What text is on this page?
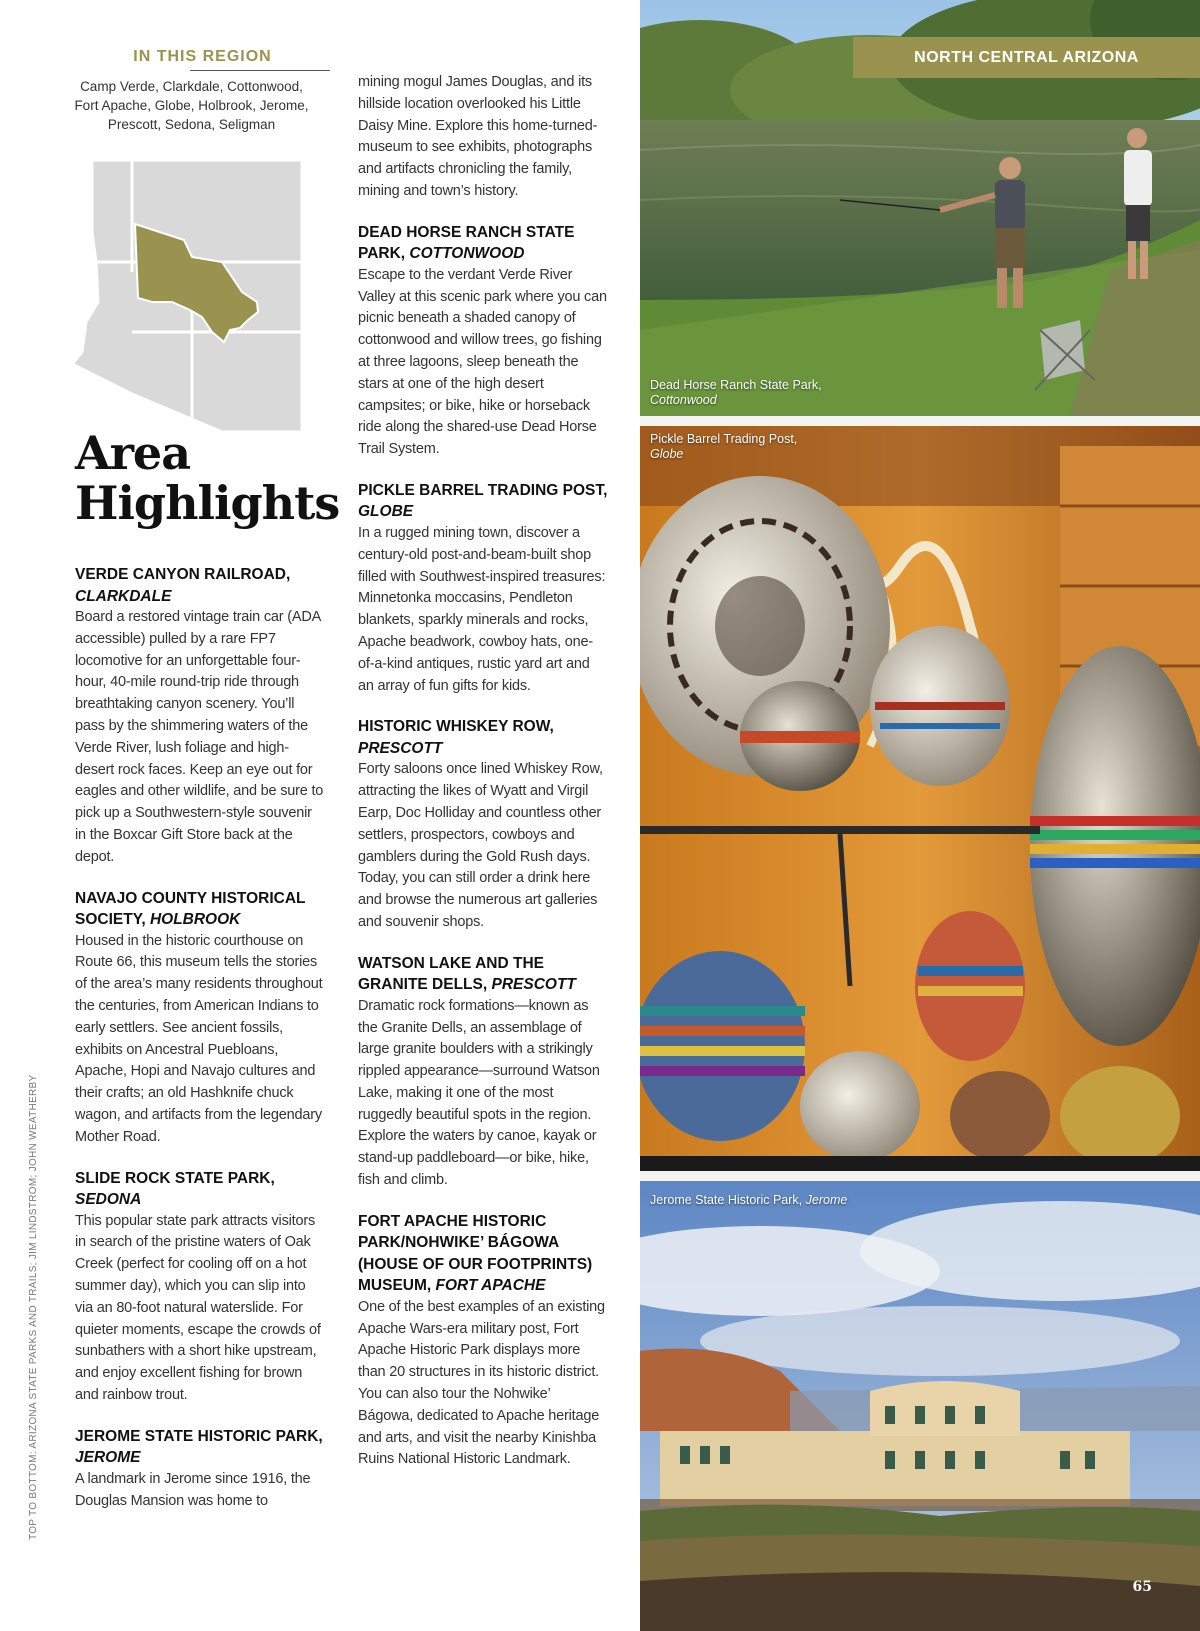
IN THIS REGION
Camp Verde, Clarkdale, Cottonwood, Fort Apache, Globe, Holbrook, Jerome, Prescott, Sedona, Seligman
VERDE CANYON RAILROAD,
CLARKDALE

Board a restored vintage train car (ADA accessible) pulled by a rare FP7 locomotive for an unforgettable four-hour, 40-mile round-trip ride through breathtaking canyon scenery. You’ll pass by the shimmering waters of the Verde River, lush foliage and high-desert rock faces. Keep an eye out for eagles and other wildlife, and be sure to pick up a Southwestern-style souvenir in the Boxcar Gift Store back at the depot.

NAVAJO COUNTY HISTORICAL SOCIETY, HOLBROOK

Housed in the historic courthouse on Route 66, this museum tells the stories of the area’s many residents throughout the centuries, from American Indians to early settlers. See ancient fossils, exhibits on Ancestral Puebloans, Apache, Hopi and Navajo cultures and their crafts; an old Hashknife chuck wagon, and artifacts from the legendary Mother Road.

SLIDE ROCK STATE PARK,
SEDONA

This popular state park attracts visitors in search of the pristine waters of Oak Creek (perfect for cooling off on a hot summer day), which you can slip into via an 80-foot natural waterslide. For quieter moments, escape the crowds of sunbathers with a short hike upstream, and enjoy excellent fishing for brown and rainbow trout.

JEROME STATE HISTORIC PARK,
JEROME

A landmark in Jerome since 1916, the Douglas Mansion was home to

Area
Highlights

mining mogul James Douglas, and its hillside location overlooked his Little Daisy Mine. Explore this home-turned-museum to see exhibits, photographs and artifacts chronicling the family, mining and town’s history.

DEAD HORSE RANCH STATE PARK, COTTONWOOD

Escape to the verdant Verde River Valley at this scenic park where you can picnic beneath a shaded canopy of cottonwood and willow trees, go fishing at three lagoons, sleep beneath the stars at one of the high desert campsites; or bike, hike or horseback ride along the shared-use Dead Horse Trail System.

PICKLE BARREL TRADING POST, GLOBE

In a rugged mining town, discover a century-old post-and-beam-built shop filled with Southwest-inspired treasures: Minnetonka moccasins, Pendleton blankets, sparkly minerals and rocks, Apache beadwork, cowboy hats, one-of-a-kind antiques, rustic yard art and an array of fun gifts for kids.

HISTORIC WHISKEY ROW,
PRESCOTT

Forty saloons once lined Whiskey Row, attracting the likes of Wyatt and Virgil Earp, Doc Holliday and countless other settlers, prospectors, cowboys and gamblers during the Gold Rush days. Today, you can still order a drink here and browse the numerous art galleries and souvenir shops.

WATSON LAKE AND THE GRANITE DELLS, PRESCOTT

Dramatic rock formations—known as the Granite Dells, an assemblage of large granite boulders with a strikingly rippled appearance—surround Watson Lake, making it one of the most ruggedly beautiful spots in the region. Explore the waters by canoe, kayak or stand-up paddleboard—or bike, hike, fish and climb.

FORT APACHE HISTORIC PARK/NOHWIKE’ BÁGOWA (HOUSE OF OUR FOOTPRINTS) MUSEUM, FORT APACHE

One of the best examples of an existing Apache Wars-era military post, Fort Apache Historic Park displays more than 20 structures in its historic district. You can also tour the Nohwike’ Bágowa, dedicated to Apache heritage and arts, and visit the nearby Kinishba Ruins National Historic Landmark.

TOP TO BOTTOM: ARIZONA STATE PARKS AND TRAILS; JIM LINDSTROM; JOHN WEATHERBY
NORTH CENTRAL ARIZONA
Dead Horse Ranch State Park,
Cottonwood
Pickle Barrel Trading Post,
Globe
Jerome State Historic Park, Jerome
65
